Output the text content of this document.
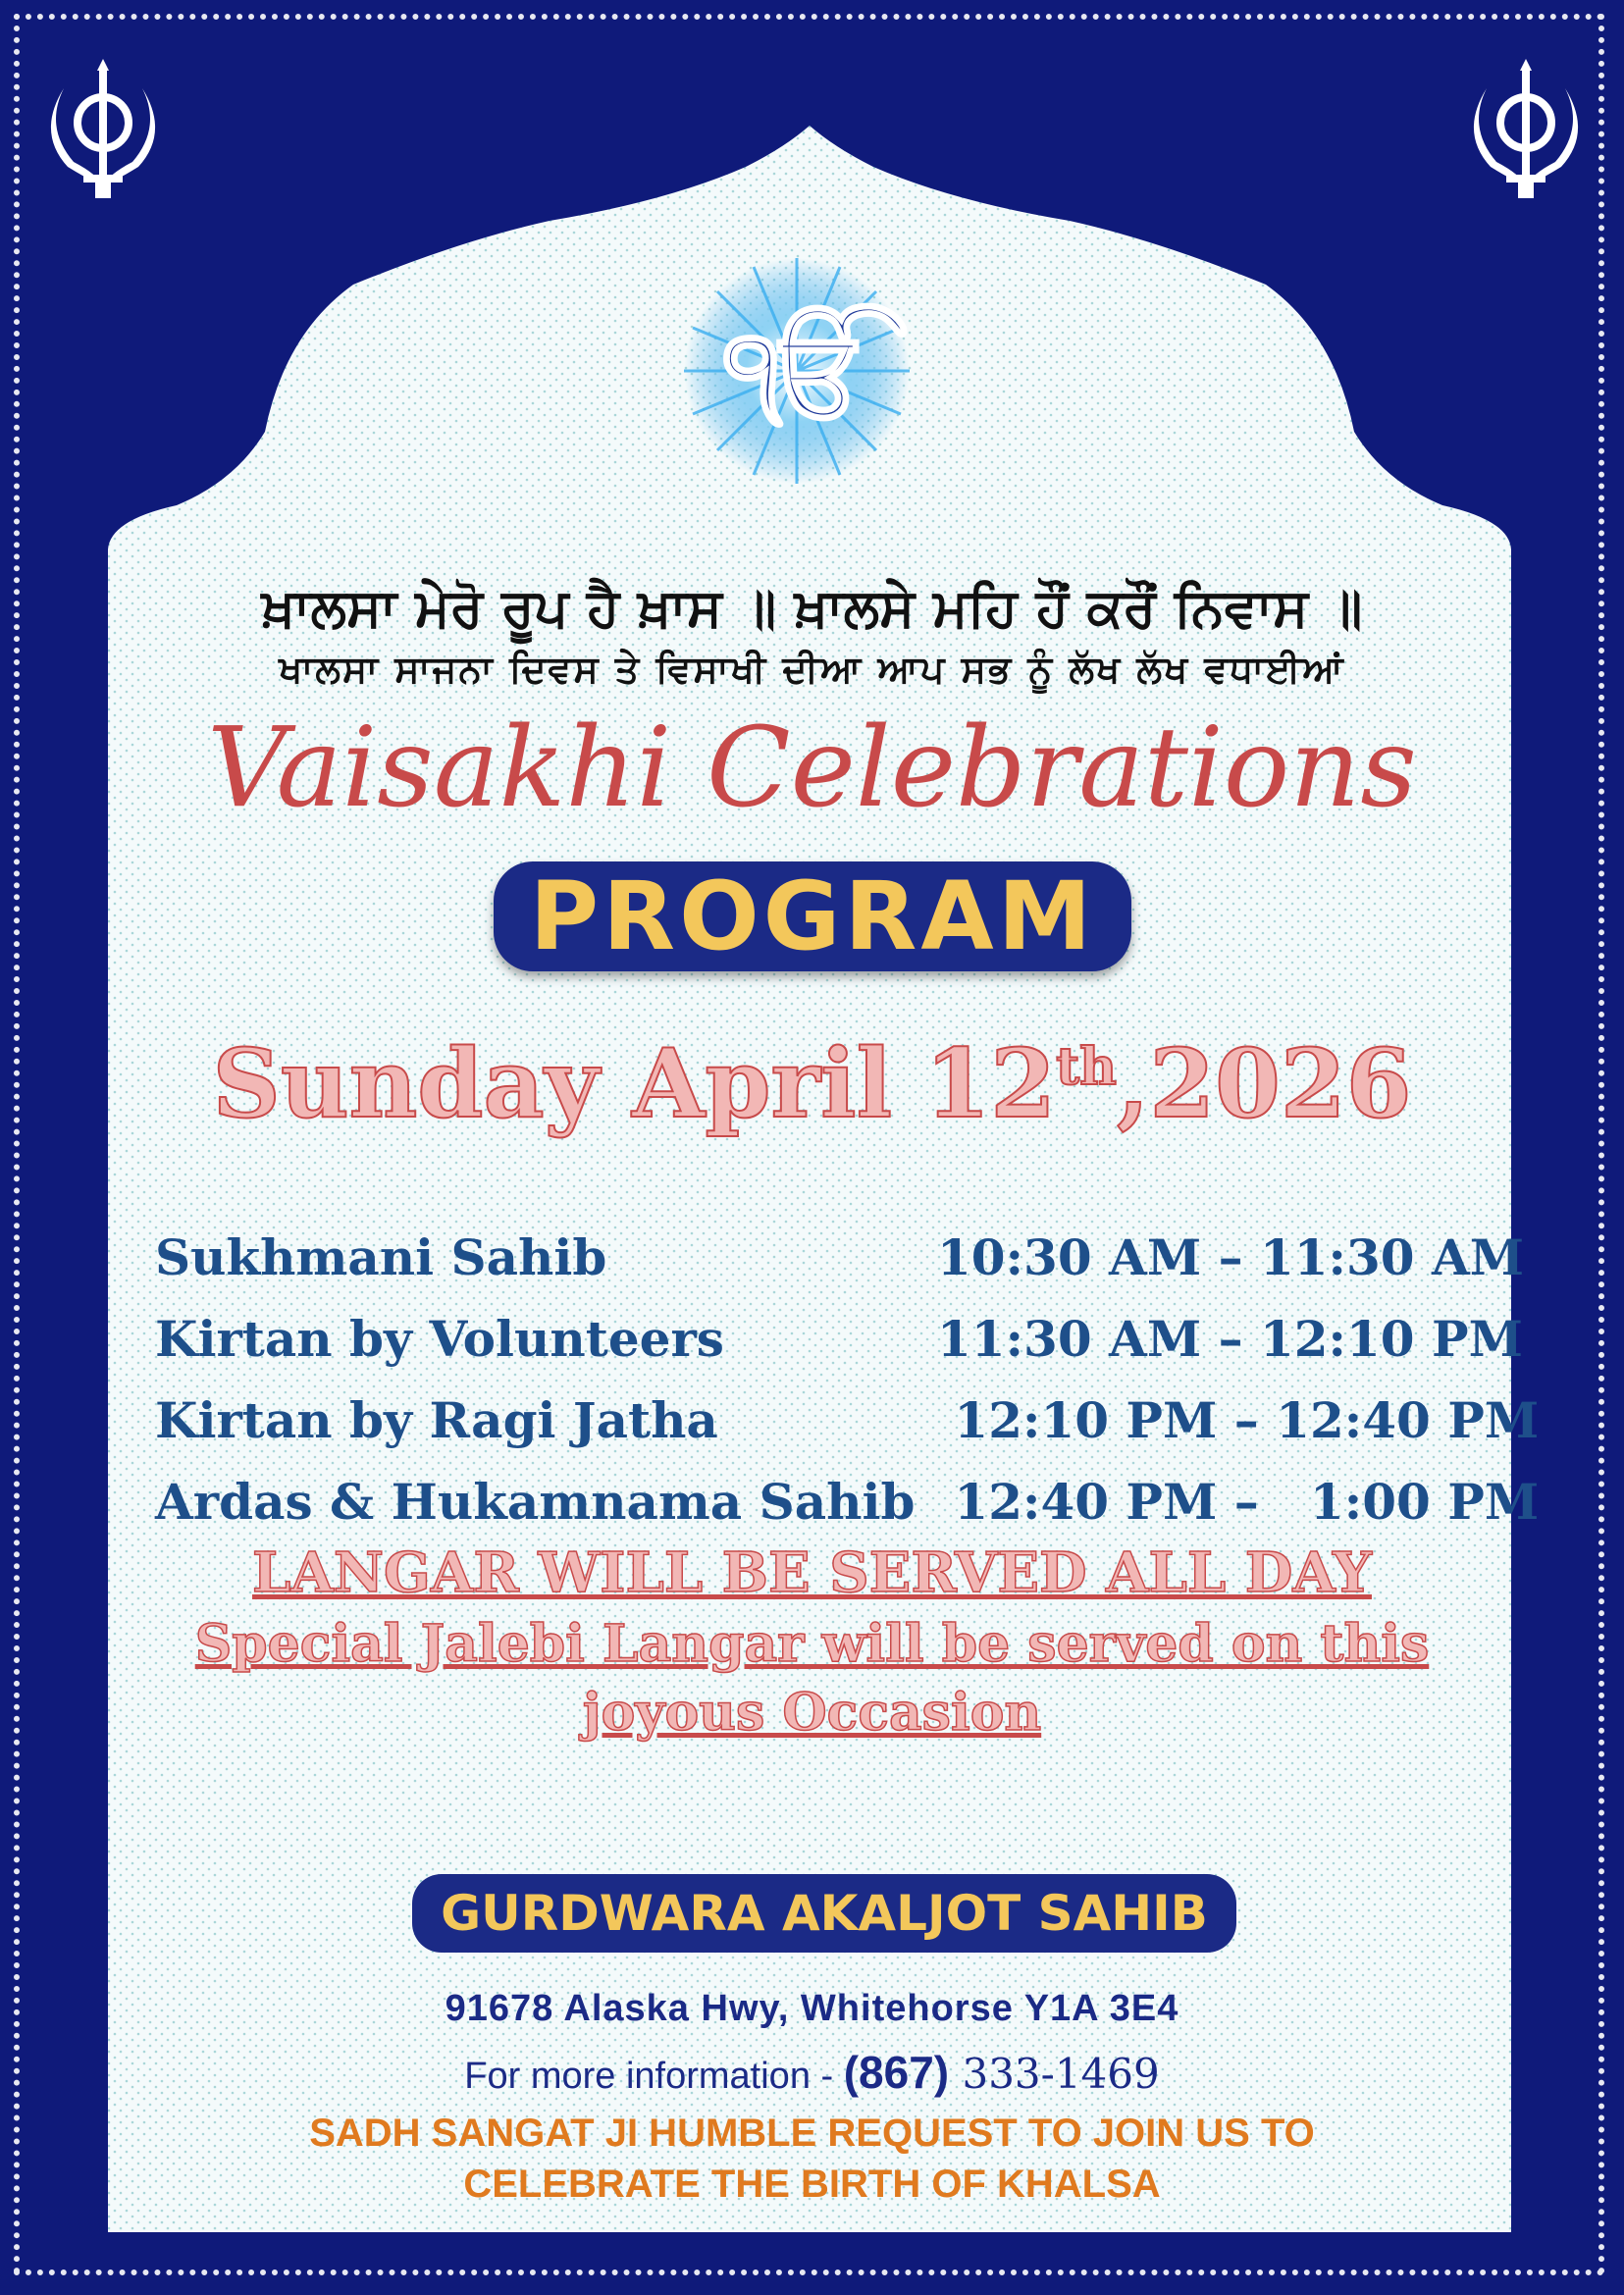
ੴ
ਖ਼ਾਲਸਾ ਮੇਰੋ ਰੂਪ ਹੈ ਖ਼ਾਸ ॥ ਖ਼ਾਲਸੇ ਮਹਿ ਹੌਂ ਕਰੌਂ ਨਿਵਾਸ ॥
ਖਾਲਸਾ ਸਾਜਨਾ ਦਿਵਸ ਤੇ ਵਿਸਾਖੀ ਦੀਆ ਆਪ ਸਭ ਨੂੰ ਲੱਖ ਲੱਖ ਵਧਾਈਆਂ
Vaisakhi Celebrations
PROGRAM
Sunday April 12th,2026
Sukhmani Sahib	10:30 AM – 11:30 AM
Kirtan by Volunteers	11:30 AM – 12:10 PM
Kirtan by Ragi Jatha	12:10 PM – 12:40 PM
Ardas & Hukamnama Sahib 12:40 PM –   1:00 PM
LANGAR WILL BE SERVED ALL DAY
Special Jalebi Langar will be served on this
joyous Occasion
GURDWARA AKALJOT SAHIB
91678 Alaska Hwy, Whitehorse Y1A 3E4
For more information - (867) 333-1469
SADH SANGAT JI HUMBLE REQUEST TO JOIN US TO
CELEBRATE THE BIRTH OF KHALSA
